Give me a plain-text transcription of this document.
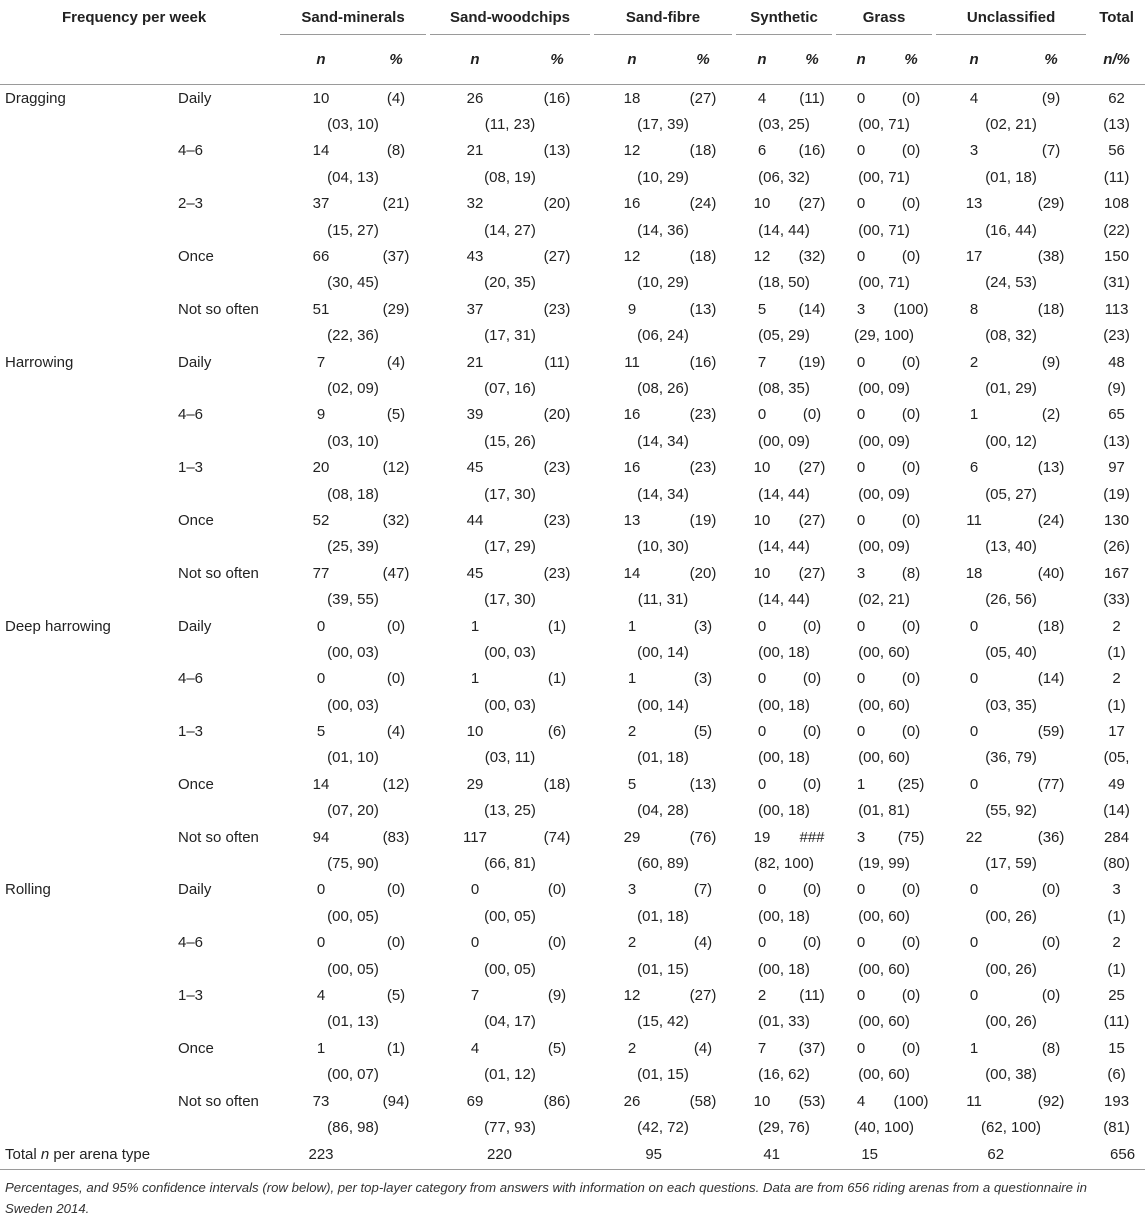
Frequency per week		Sand-minerals		Sand-woodchips		Sand-fibre		Synthetic		Grass		Unclassified		Total	
		n	%	n	%	n	%	n	%	n	%	n	%	n/%	
Dragging	Daily	10	(4)	26	(16)	18	(27)	4	(11)	0	(0)	4	(9)	62	
		(03, 10)		(11, 23)		(17, 39)		(03, 25)		(00, 71)		(02, 21)		(13)	
	4–6	14	(8)	21	(13)	12	(18)	6	(16)	0	(0)	3	(7)	56	
		(04, 13)		(08, 19)		(10, 29)		(06, 32)		(00, 71)		(01, 18)		(11)	
	2–3	37	(21)	32	(20)	16	(24)	10	(27)	0	(0)	13	(29)	108	
		(15, 27)		(14, 27)		(14, 36)		(14, 44)		(00, 71)		(16, 44)		(22)	
	Once	66	(37)	43	(27)	12	(18)	12	(32)	0	(0)	17	(38)	150	
		(30, 45)		(20, 35)		(10, 29)		(18, 50)		(00, 71)		(24, 53)		(31)	
	Not so often	51	(29)	37	(23)	9	(13)	5	(14)	3	(100)	8	(18)	113	
		(22, 36)		(17, 31)		(06, 24)		(05, 29)		(29, 100)		(08, 32)		(23)	
Harrowing	Daily	7	(4)	21	(11)	11	(16)	7	(19)	0	(0)	2	(9)	48	
		(02, 09)		(07, 16)		(08, 26)		(08, 35)		(00, 09)		(01, 29)		(9)	
	4–6	9	(5)	39	(20)	16	(23)	0	(0)	0	(0)	1	(2)	65	
		(03, 10)		(15, 26)		(14, 34)		(00, 09)		(00, 09)		(00, 12)		(13)	
	1–3	20	(12)	45	(23)	16	(23)	10	(27)	0	(0)	6	(13)	97	
		(08, 18)		(17, 30)		(14, 34)		(14, 44)		(00, 09)		(05, 27)		(19)	
	Once	52	(32)	44	(23)	13	(19)	10	(27)	0	(0)	11	(24)	130	
		(25, 39)		(17, 29)		(10, 30)		(14, 44)		(00, 09)		(13, 40)		(26)	
	Not so often	77	(47)	45	(23)	14	(20)	10	(27)	3	(8)	18	(40)	167	
		(39, 55)		(17, 30)		(11, 31)		(14, 44)		(02, 21)		(26, 56)		(33)	
Deep harrowing	Daily	0	(0)	1	(1)	1	(3)	0	(0)	0	(0)	0	(18)	2	
		(00, 03)		(00, 03)		(00, 14)		(00, 18)		(00, 60)		(05, 40)		(1)	
	4–6	0	(0)	1	(1)	1	(3)	0	(0)	0	(0)	0	(14)	2	
		(00, 03)		(00, 03)		(00, 14)		(00, 18)		(00, 60)		(03, 35)		(1)	
	1–3	5	(4)	10	(6)	2	(5)	0	(0)	0	(0)	0	(59)	17	
		(01, 10)		(03, 11)		(01, 18)		(00, 18)		(00, 60)		(36, 79)		(05,	
	Once	14	(12)	29	(18)	5	(13)	0	(0)	1	(25)	0	(77)	49	
		(07, 20)		(13, 25)		(04, 28)		(00, 18)		(01, 81)		(55, 92)		(14)	
	Not so often	94	(83)	117	(74)	29	(76)	19	###	3	(75)	22	(36)	284	
		(75, 90)		(66, 81)		(60, 89)		(82, 100)		(19, 99)		(17, 59)		(80)	
Rolling	Daily	0	(0)	0	(0)	3	(7)	0	(0)	0	(0)	0	(0)	3	
		(00, 05)		(00, 05)		(01, 18)		(00, 18)		(00, 60)		(00, 26)		(1)	
	4–6	0	(0)	0	(0)	2	(4)	0	(0)	0	(0)	0	(0)	2	
		(00, 05)		(00, 05)		(01, 15)		(00, 18)		(00, 60)		(00, 26)		(1)	
	1–3	4	(5)	7	(9)	12	(27)	2	(11)	0	(0)	0	(0)	25	
		(01, 13)		(04, 17)		(15, 42)		(01, 33)		(00, 60)		(00, 26)		(11)	
	Once	1	(1)	4	(5)	2	(4)	7	(37)	0	(0)	1	(8)	15	
		(00, 07)		(01, 12)		(01, 15)		(16, 62)		(00, 60)		(00, 38)		(6)	
	Not so often	73	(94)	69	(86)	26	(58)	10	(53)	4	(100)	11	(92)	193	
		(86, 98)		(77, 93)		(42, 72)		(29, 76)		(40, 100)		(62, 100)		(81)	
Total n per arena type		223	220		95		41		15		62		656		
Percentages, and 95% confidence intervals (row below), per top-layer category from answers with information on each questions. Data are from 656 riding arenas from a questionnaire in Sweden 2014.
